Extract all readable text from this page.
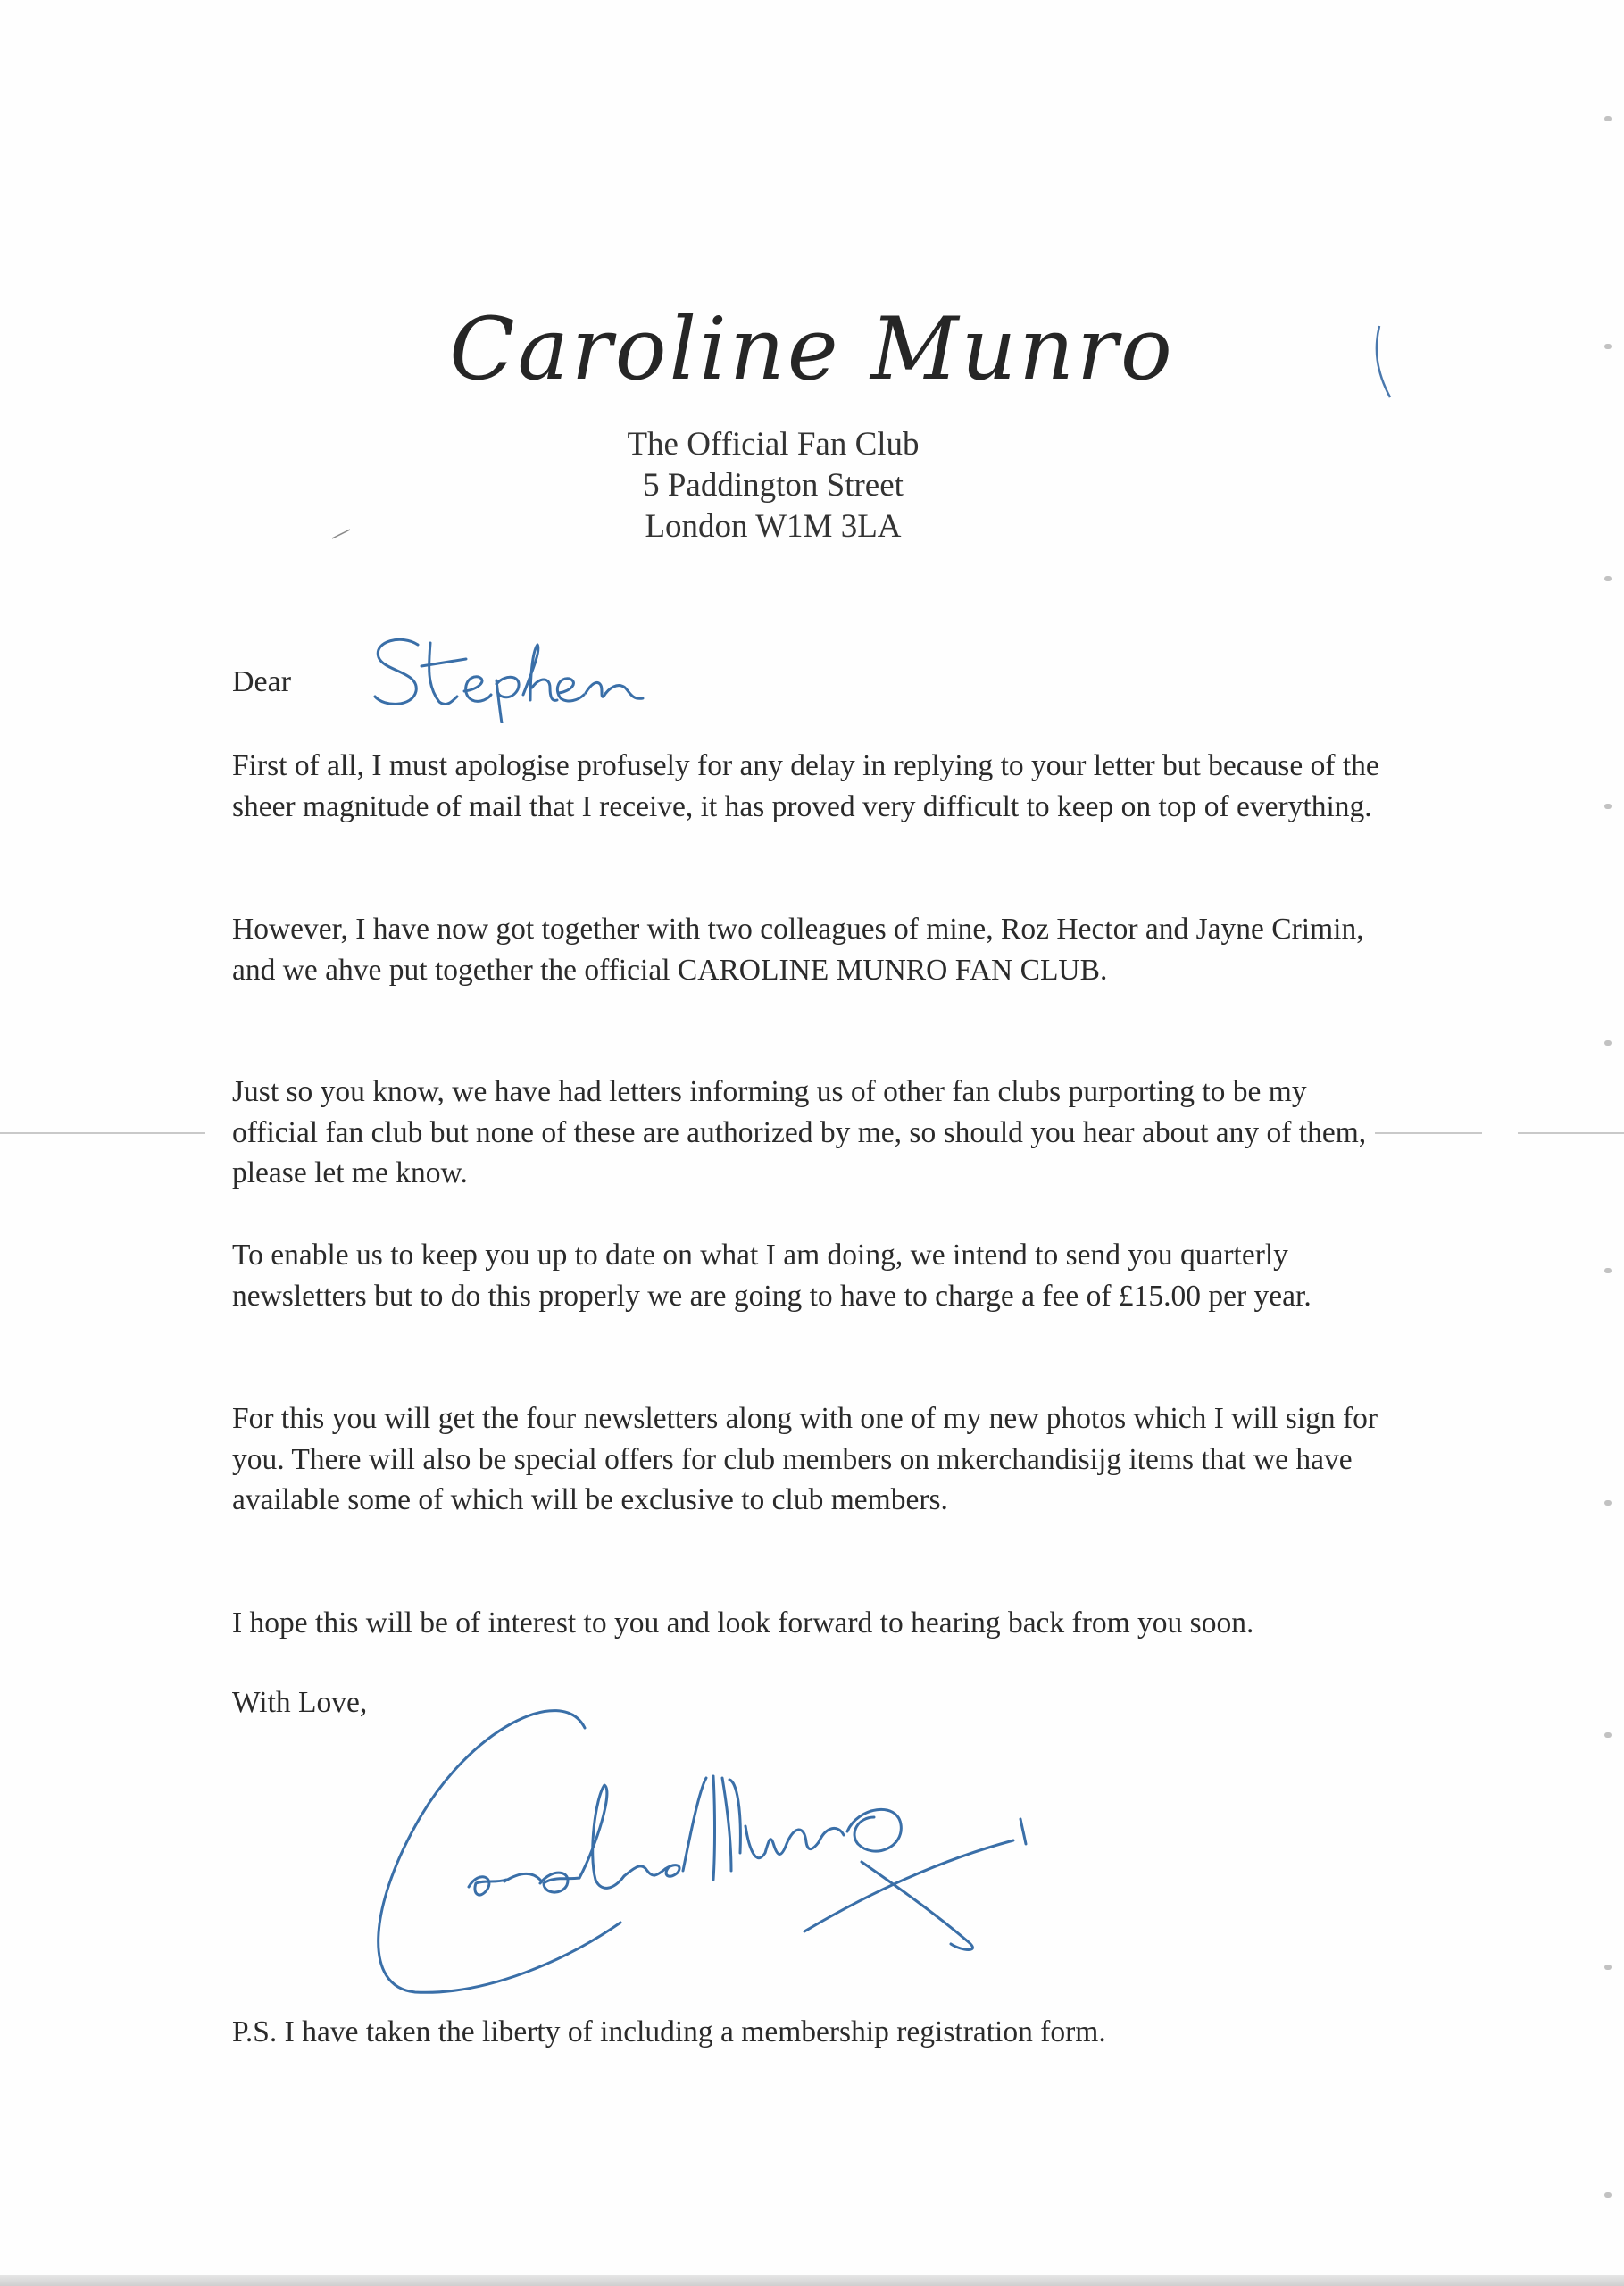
Caroline Munro
The Official Fan Club
5 Paddington Street
London W1M 3LA
Dear
First of all, I must apologise profusely for any delay in replying to your letter but because of the sheer magnitude of mail that I receive, it has proved very difficult to keep on top of everything.
However, I have now got together with two colleagues of mine, Roz Hector and Jayne Crimin, and we ahve put together the official CAROLINE MUNRO FAN CLUB.
Just so you know, we have had letters informing us of other fan clubs purporting to be my official fan club but none of these are authorized by me, so should you hear about any of them, please let me know.
To enable us to keep you up to date on what I am doing, we intend to send you quarterly newsletters but to do this properly we are going to have to charge a fee of £15.00 per year.
For this you will get the four newsletters along with one of my new photos which I will sign for you. There will also be special offers for club members on mkerchandisijg items that we have available some of which will be exclusive to club members.
I hope this will be of interest to you and look forward to hearing back from you soon.
With Love,
P.S. I have taken the liberty of including a membership registration form.
